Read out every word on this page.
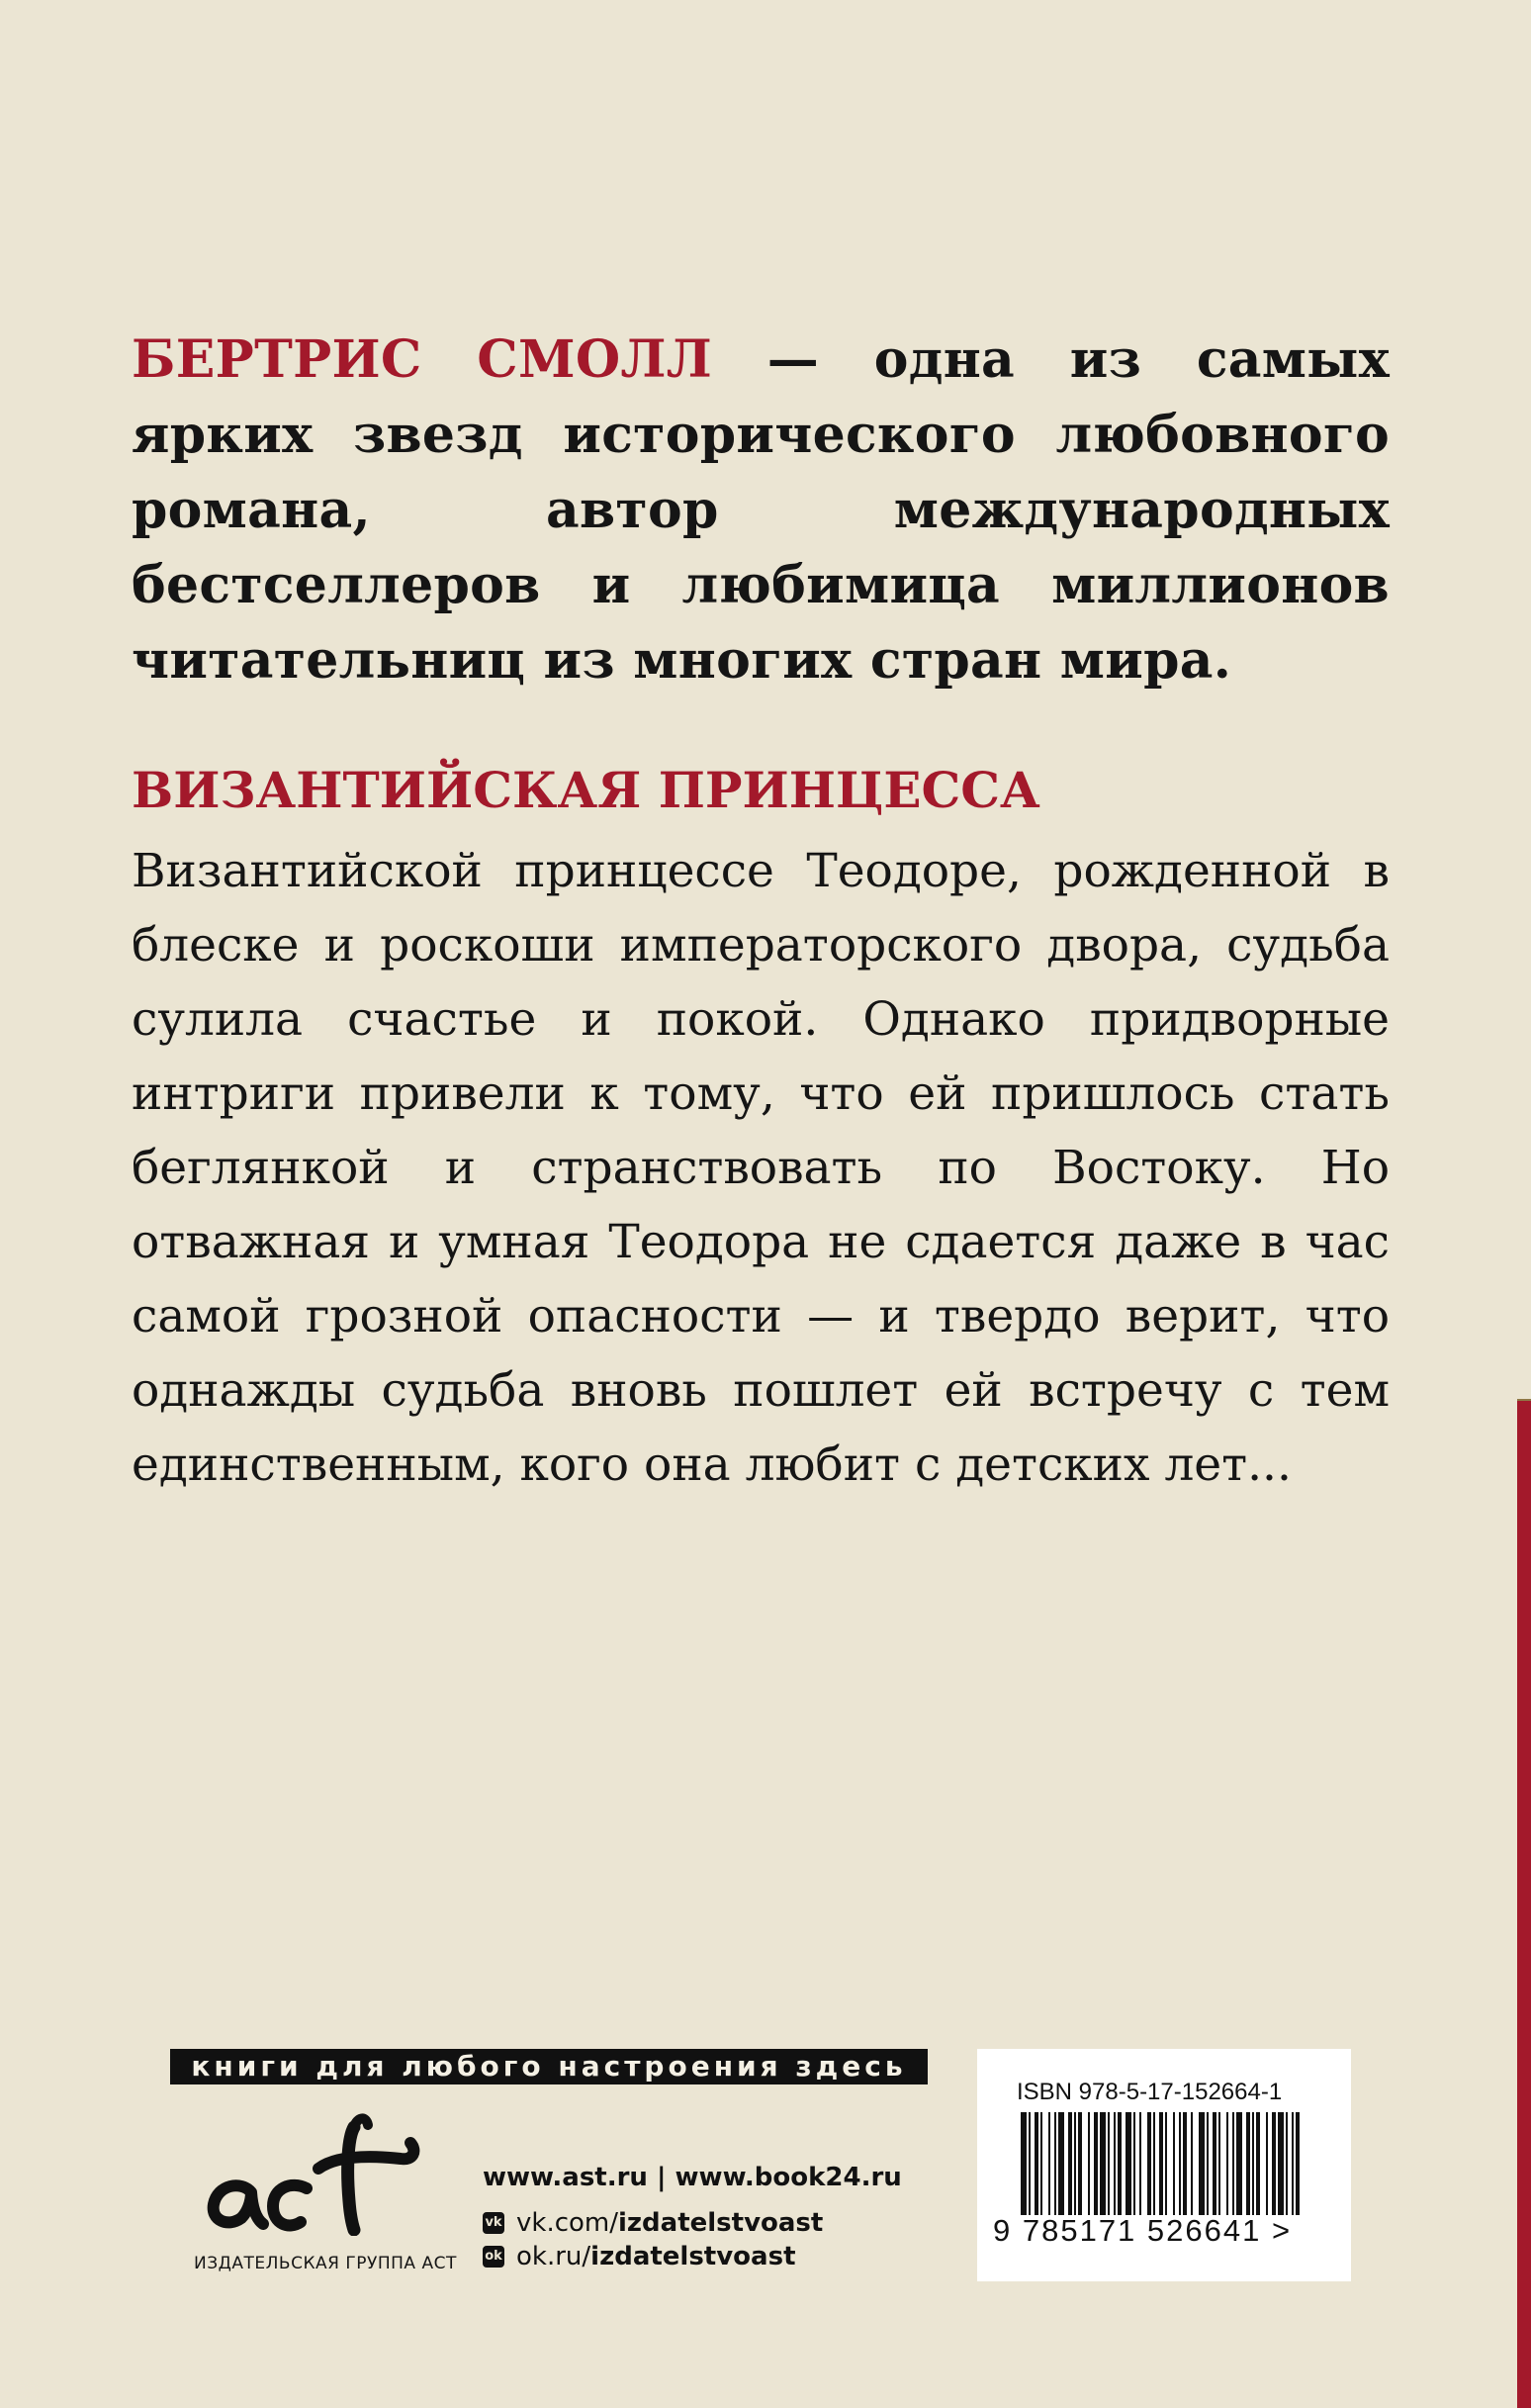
БЕРТРИС СМОЛЛ — одна из самых ярких звезд исторического любовного романа, автор международных бестселлеров и любимица миллионов читательниц из многих стран мира.

ВИЗАНТИЙСКАЯ ПРИНЦЕССА

Византийской принцессе Теодоре, рожденной в блеске и роскоши императорского двора, судьба сулила счастье и покой. Однако придворные интриги привели к тому, что ей пришлось стать беглянкой и странствовать по Востоку. Но отважная и умная Теодора не сдается даже в час самой грозной опасности — и твердо верит, что однажды судьба вновь пошлет ей встречу с тем единственным, кого она любит с детских лет...

книги для любого настроения здесь
аст
ИЗДАТЕЛЬСКАЯ ГРУППА АСТ
www.ast.ru | www.book24.ru
vk vk.com/ izdatelstvoast
ok ok.ru/ izdatelstvoast
ISBN 978-5-17-152664-1
9 785171 526641 >
